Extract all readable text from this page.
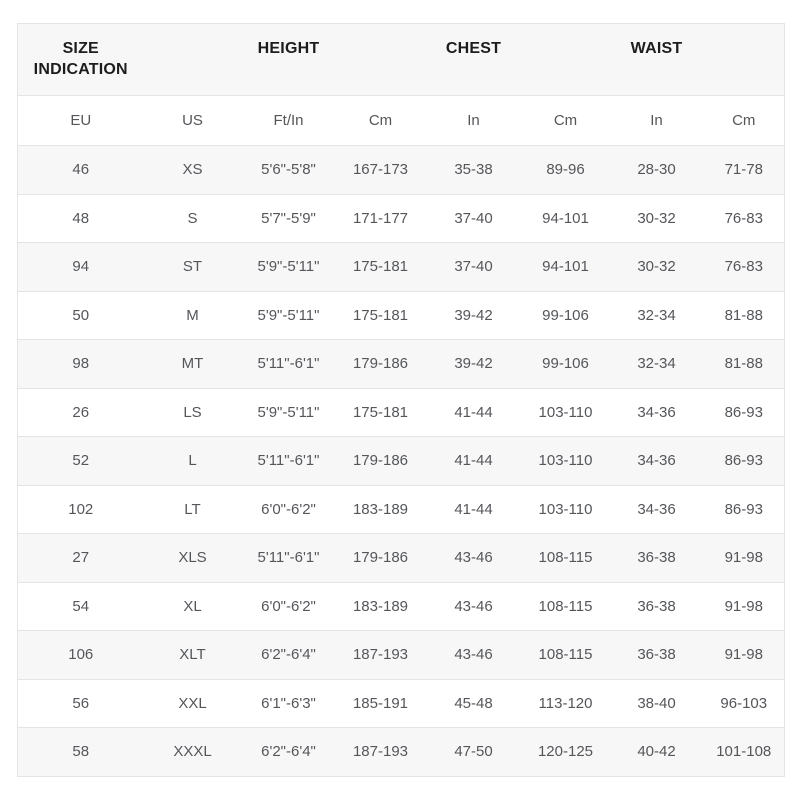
SIZE INDICATION		HEIGHT		CHEST		WAIST	
EU	US	Ft/In	Cm	In	Cm	In	Cm
46	XS	5'6"-5'8"	167-173	35-38	89-96	28-30	71-78
48	S	5'7"-5'9"	171-177	37-40	94-101	30-32	76-83
94	ST	5'9"-5'11"	175-181	37-40	94-101	30-32	76-83
50	M	5'9"-5'11"	175-181	39-42	99-106	32-34	81-88
98	MT	5'11"-6'1"	179-186	39-42	99-106	32-34	81-88
26	LS	5'9"-5'11"	175-181	41-44	103-110	34-36	86-93
52	L	5'11"-6'1"	179-186	41-44	103-110	34-36	86-93
102	LT	6'0"-6'2"	183-189	41-44	103-110	34-36	86-93
27	XLS	5'11"-6'1"	179-186	43-46	108-115	36-38	91-98
54	XL	6'0"-6'2"	183-189	43-46	108-115	36-38	91-98
106	XLT	6'2"-6'4"	187-193	43-46	108-115	36-38	91-98
56	XXL	6'1"-6'3"	185-191	45-48	113-120	38-40	96-103
58	XXXL	6'2"-6'4"	187-193	47-50	120-125	40-42	101-108
